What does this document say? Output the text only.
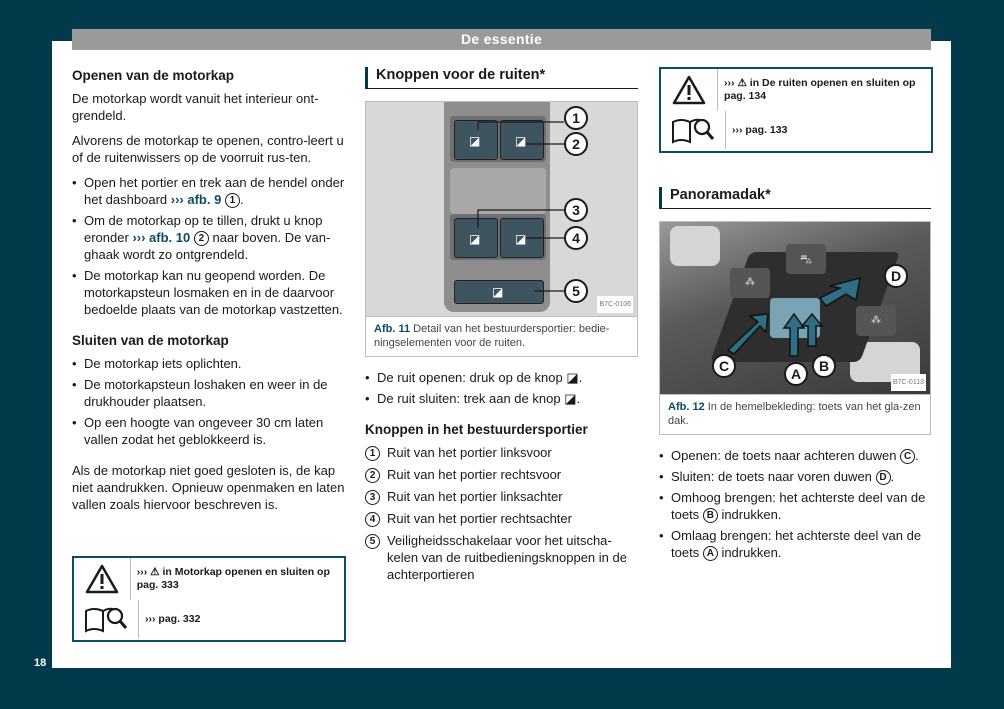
De essentie
18
Openen van de motorkap

De motorkap wordt vanuit het interieur ont-grendeld.

Alvorens de motorkap te openen, contro-leert u of de ruitenwissers op de voorruit rus-ten.

• Open het portier en trek aan de hendel onder het dashboard ››› afb. 9 1 .
• Om de motorkap op te tillen, drukt u knop eronder ››› afb. 10 2 naar boven. De van-ghaak wordt zo ontgrendeld.
• De motorkap kan nu geopend worden. De motorkapsteun losmaken en in de daarvoor bedoelde plaats van de motorkap vastzetten.
Sluiten van de motorkap
• De motorkap iets oplichten.
• De motorkapsteun loshaken en weer in de drukhouder plaatsen.
• Op een hoogte van ongeveer 30 cm laten vallen zodat het geblokkeerd is.

Als de motorkap niet goed gesloten is, de kap niet aandrukken. Opnieuw openmaken en laten vallen zoals hiervoor beschreven is.

››› ⚠ in Motorkap openen en sluiten op pag. 333
››› pag. 332
Knoppen voor de ruiten*
◪	◪
◪	◪
◪
1
2
3
4
5
B7C-0106
Afb. 11 Detail van het bestuurdersportier: bedie-ningselementen voor de ruiten.
• De ruit openen: druk op de knop ◪.
• De ruit sluiten: trek aan de knop ◪.
Knoppen in het bestuurdersportier
1 Ruit van het portier linksvoor
2 Ruit van het portier rechtsvoor
3 Ruit van het portier linksachter
4 Ruit van het portier rechtsachter
5 Veiligheidsschakelaar voor het uitscha-kelen van de ruitbedieningsknoppen in de achterportieren
››› ⚠ in De ruiten openen en sluiten op pag. 134
››› pag. 133
Panoramadak*
⁂
⛍
⁂
D
C	A	B
B7C-0113
Afb. 12 In de hemelbekleding: toets van het gla-zen dak.
• Openen: de toets naar achteren duwen C .
• Sluiten: de toets naar voren duwen D .
• Omhoog brengen: het achterste deel van de toets B indrukken.
• Omlaag brengen: het achterste deel van de toets A indrukken.
